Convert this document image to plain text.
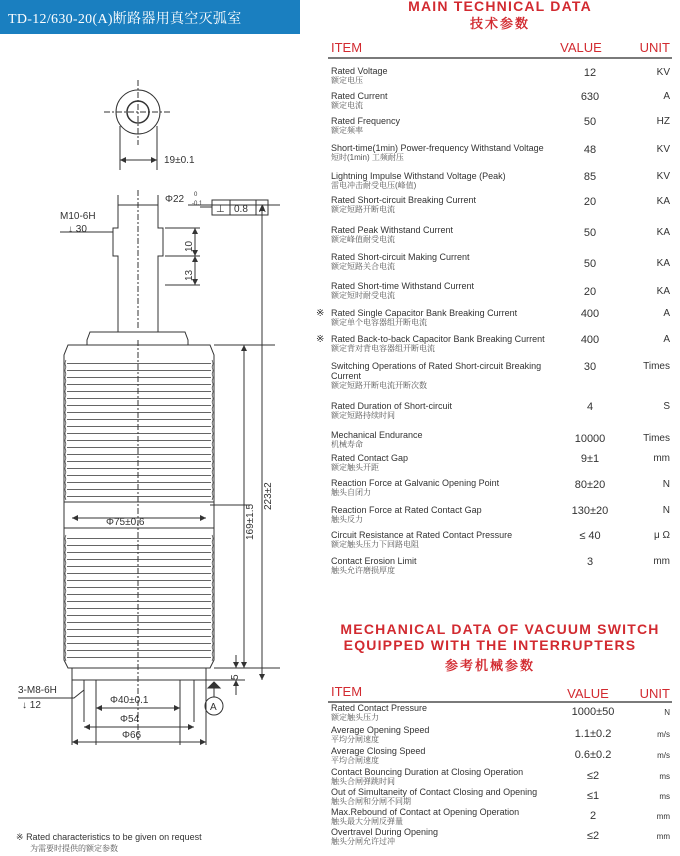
TD-12/630-20(A)断路器用真空灭弧室
19±0.1
Φ22 0
-0.1 ⊥ 0.8 A
M10-6H
↓ 30
13
10
Φ75±0.6	169±1.5
223±2
5
3-M8-6H
↓ 12	Φ40±0.1
Φ54
Φ66
A
MAIN TECHNICAL DATA
技术参数
ITEM	VALUE	UNIT
Rated Voltage
额定电压
12	KV
Rated Current
额定电流
630	A
Rated Frequency
额定频率
50	HZ
Short-time(1min) Power-frequency Withstand Voltage
短时(1min) 工频耐压
48	KV
Lightning Impulse Withstand Voltage (Peak)
雷电冲击耐受电压(峰值)
85	KV
Rated Short-circuit Breaking Current
额定短路开断电流
20	KA
Rated Peak Withstand Current
额定峰值耐受电流
50	KA
Rated Short-circuit Making Current
额定短路关合电流	50	KA
Rated Short-time Withstand Current
额定短时耐受电流	20	KA
※ Rated Single Capacitor Bank Breaking Current
额定单个电容器组开断电流
400	A
※ Rated Back-to-back Capacitor Bank Breaking Current
额定背对背电容器组开断电流
400	A
Switching Operations of Rated Short-circuit Breaking Current
额定短路开断电流开断次数
30	Times
Rated Duration of Short-circuit
额定短路持续时间
4	S
Mechanical Endurance
机械寿命	10000	Times
Rated Contact Gap
额定触头开距
9±1	mm
Reaction Force at Galvanic Opening Point
触头自闭力
80±20	N
Reaction Force at Rated Contact Gap
触头反力
130±20	N
Circuit Resistance at Rated Contact Pressure
额定触头压力下回路电阻
≤ 40	μ Ω
Contact Erosion Limit
触头允许磨损厚度
3	mm
MECHANICAL DATA OF VACUUM SWITCH
EQUIPPED WITH THE INTERRUPTERS
参考机械参数
ITEM	VALUE	UNIT
Rated Contact Pressure
额定触头压力	1000±50	N
Average Opening Speed
平均分闸速度	1.1±0.2	m/s
Average Closing Speed
平均合闸速度	0.6±0.2	m/s
Contact Bouncing Duration at Closing Operation
触头合闸弹跳时间	≤2	ms
Out of Simultaneity of Contact Closing and Opening
触头合闸和分闸不同期	≤1	ms
Max.Rebound of Contact at Opening Operation
触头最大分闸反弹量	2	mm
Overtravel During Opening
触头分闸允许过冲	≤2	mm
※ Rated characteristics to be given on request
为需要时提供的额定参数
